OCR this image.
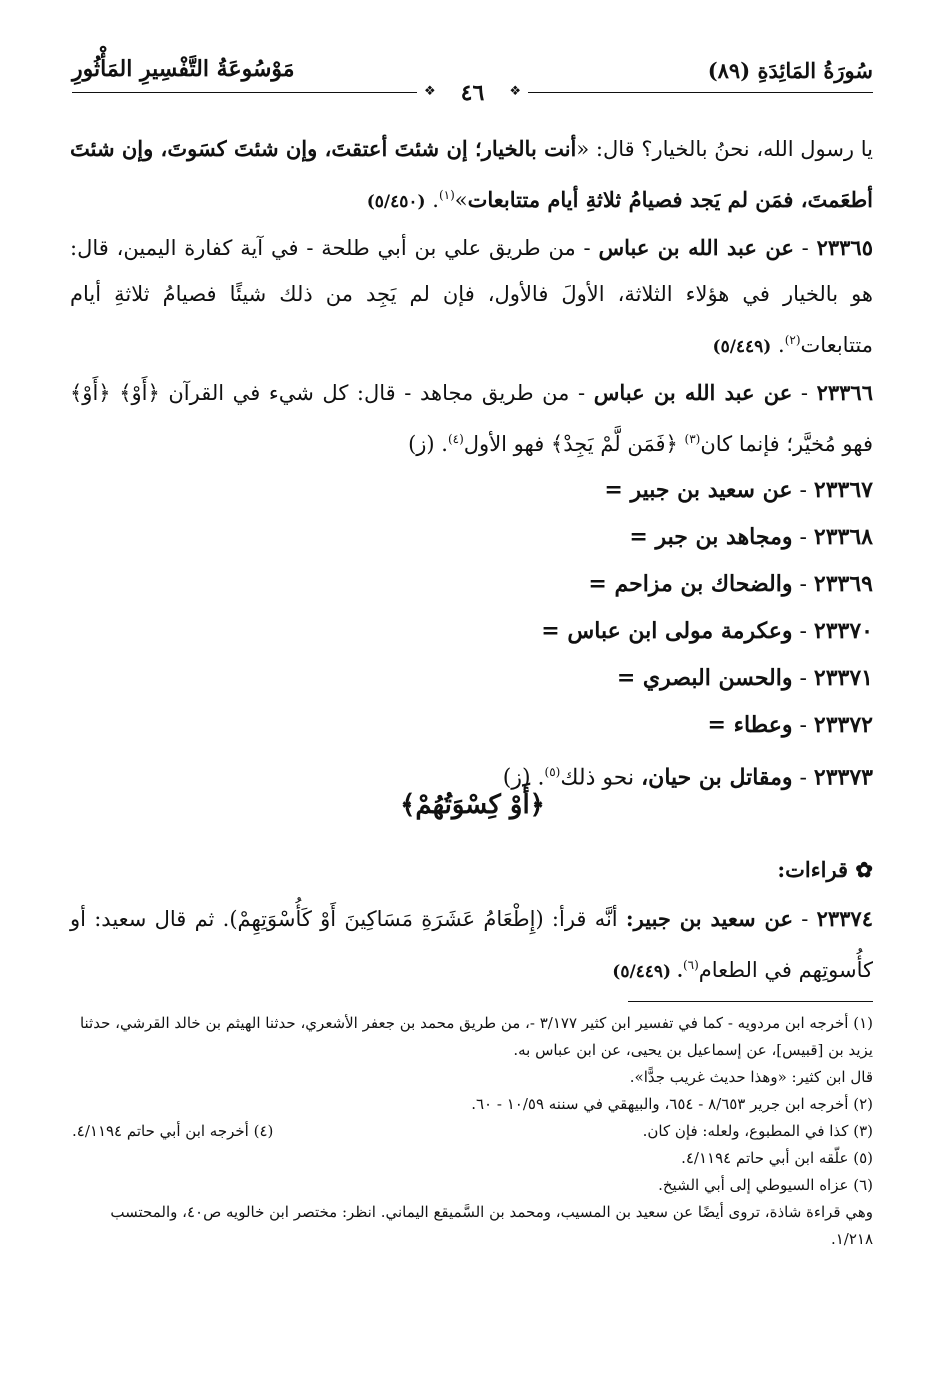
سُورَةُ المَائِدَةِ (٨٩)
مَوْسُوعَةُ التَّفْسِيرِ المَأْثُورِ
❖
٤٦
❖

يا رسول الله، نحنُ بالخيار؟ قال: «أنت بالخيار؛ إن شئتَ أعتقتَ، وإن شئتَ كسَوتَ، وإن شئتَ أطعَمتَ، فمَن لم يَجد فصيامُ ثلاثةِ أيام متتابعات»$^{(١)}$. (٥/٤٥٠)

٢٣٣٦٥ - عن عبد الله بن عباس - من طريق علي بن أبي طلحة - في آية كفارة اليمين، قال: هو بالخيار في هؤلاء الثلاثة، الأولَ فالأول، فإن لم يَجِد من ذلك شيئًا فصيامُ ثلاثةِ أيام متتابعات$^{(٢)}$. (٥/٤٤٩)

٢٣٣٦٦ - عن عبد الله بن عباس - من طريق مجاهد - قال: كل شيء في القرآن ﴿أَوْ﴾ ﴿أَوْ﴾ فهو مُخيَّر؛ فإنما كان$^{(٣)}$ ﴿فَمَن لَّمْ يَجِدْ﴾ فهو الأول$^{(٤)}$. (ز)

٢٣٣٦٧ - عن سعيد بن جبير =

٢٣٣٦٨ - ومجاهد بن جبر =

٢٣٣٦٩ - والضحاك بن مزاحم =

٢٣٣٧٠ - وعكرمة مولى ابن عباس =

٢٣٣٧١ - والحسن البصري =

٢٣٣٧٢ - وعطاء =

٢٣٣٧٣ - ومقاتل بن حيان، نحو ذلك$^{(٥)}$. (ز)

﴿أَوْ كِسْوَتُهُمْ﴾
✿ قراءات:

٢٣٣٧٤ - عن سعيد بن جبير: أنَّه قرأ: (إِطْعَامُ عَشَرَةِ مَسَاكِينَ أَوْ كَأُسْوَتِهِمْ). ثم قال سعيد: أو كأُسوتِهم في الطعام$^{(٦)}$. (٥/٤٤٩)

(١) أخرجه ابن مردويه - كما في تفسير ابن كثير ٣/١٧٧ -، من طريق محمد بن جعفر الأشعري، حدثنا الهيثم بن خالد القرشي، حدثنا يزيد بن [قبيس]، عن إسماعيل بن يحيى، عن ابن عباس به.

قال ابن كثير: «وهذا حديث غريب جدًّا».

(٢) أخرجه ابن جرير ٨/٦٥٣ - ٦٥٤، والبيهقي في سننه ١٠/٥٩ - ٦٠.

(٣) كذا في المطبوع، ولعله: فإن كان.
(٤) أخرجه ابن أبي حاتم ٤/١١٩٤.

(٥) علّقه ابن أبي حاتم ٤/١١٩٤.

(٦) عزاه السيوطي إلى أبي الشيخ.

وهي قراءة شاذة، تروى أيضًا عن سعيد بن المسيب، ومحمد بن السَّميقع اليماني. انظر: مختصر ابن خالويه ص٤٠، والمحتسب ١/٢١٨.
